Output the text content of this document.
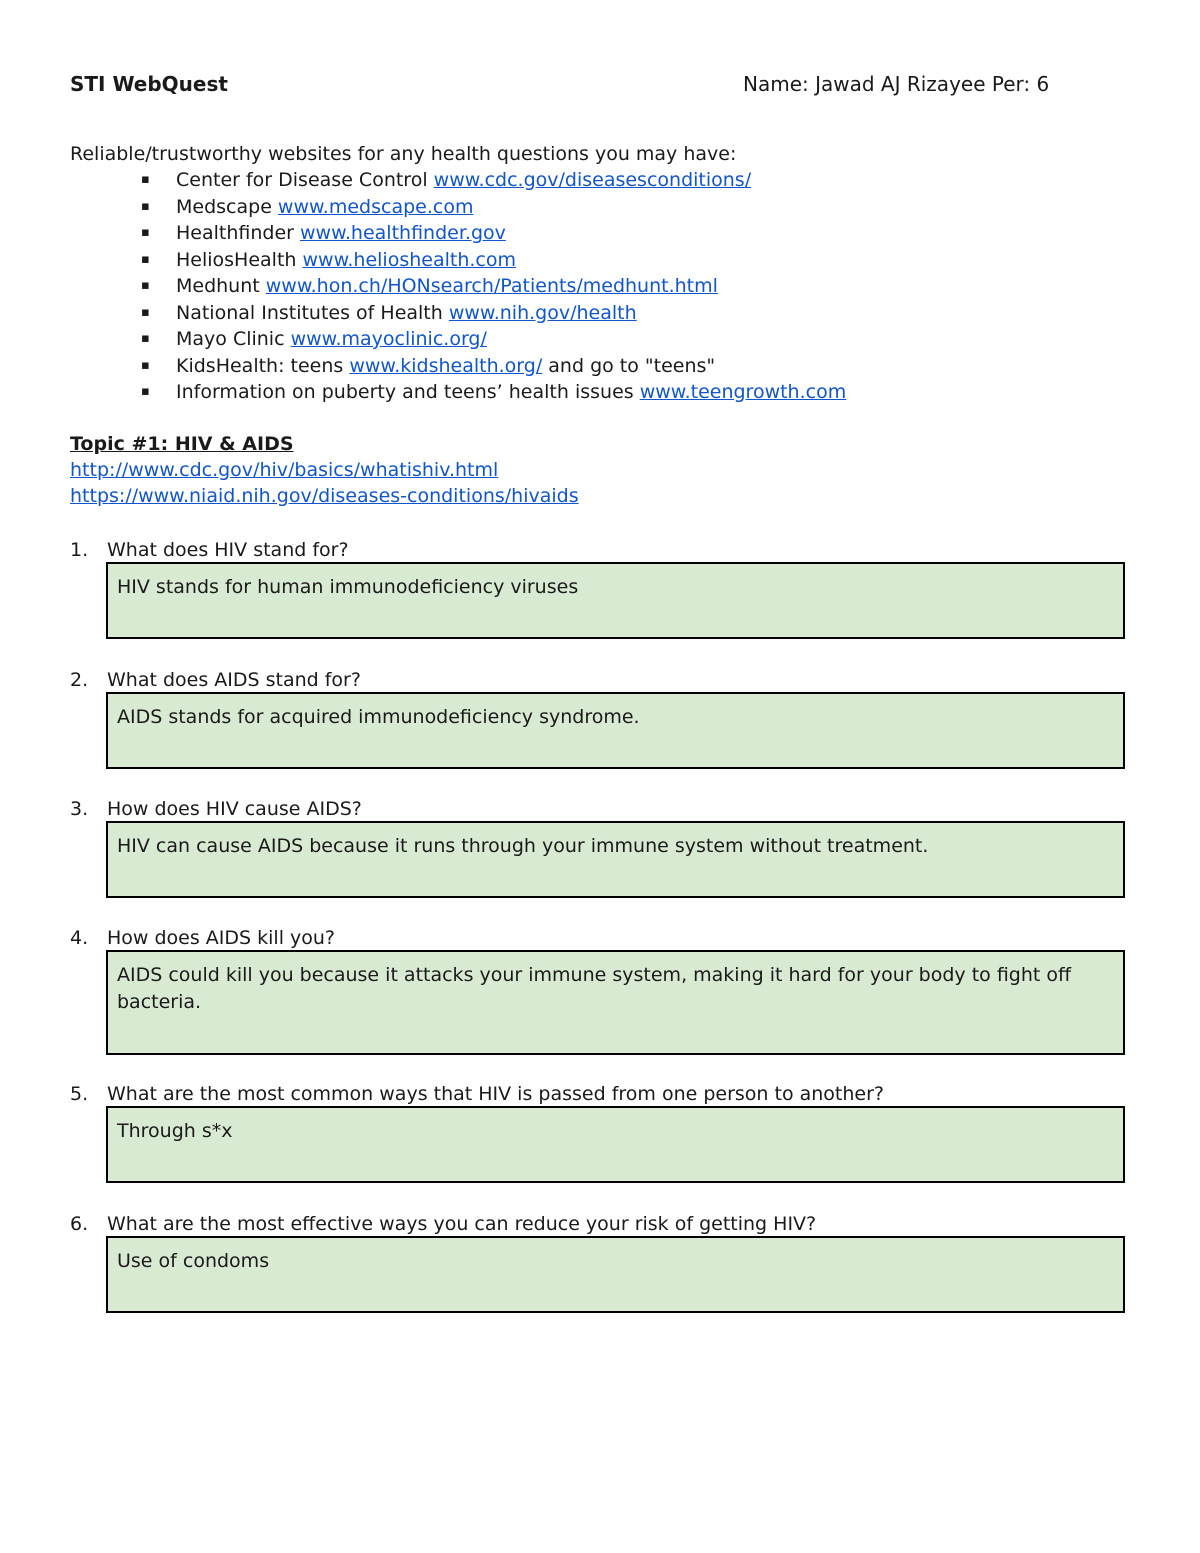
STI WebQuest	Name: Jawad AJ Rizayee Per: 6
Reliable/trustworthy websites for any health questions you may have:
▪ Center for Disease Control www.cdc.gov/diseasesconditions/
▪ Medscape www.medscape.com
▪ Healthfinder www.healthfinder.gov
▪ HeliosHealth www.helioshealth.com
▪ Medhunt www.hon.ch/HONsearch/Patients/medhunt.html
▪ National Institutes of Health www.nih.gov/health
▪ Mayo Clinic www.mayoclinic.org/
▪ KidsHealth: teens www.kidshealth.org/ and go to "teens"
▪ Information on puberty and teens’ health issues www.teengrowth.com
Topic #1: HIV & AIDS
http://www.cdc.gov/hiv/basics/whatishiv.html
https://www.niaid.nih.gov/diseases-conditions/hivaids
1. What does HIV stand for?
HIV stands for human immunodeficiency viruses
2. What does AIDS stand for?
AIDS stands for acquired immunodeficiency syndrome.
3. How does HIV cause AIDS?
HIV can cause AIDS because it runs through your immune system without treatment.
4. How does AIDS kill you?
AIDS could kill you because it attacks your immune system, making it hard for your body to fight off bacteria.
5. What are the most common ways that HIV is passed from one person to another?
Through s*x
6. What are the most effective ways you can reduce your risk of getting HIV?
Use of condoms
